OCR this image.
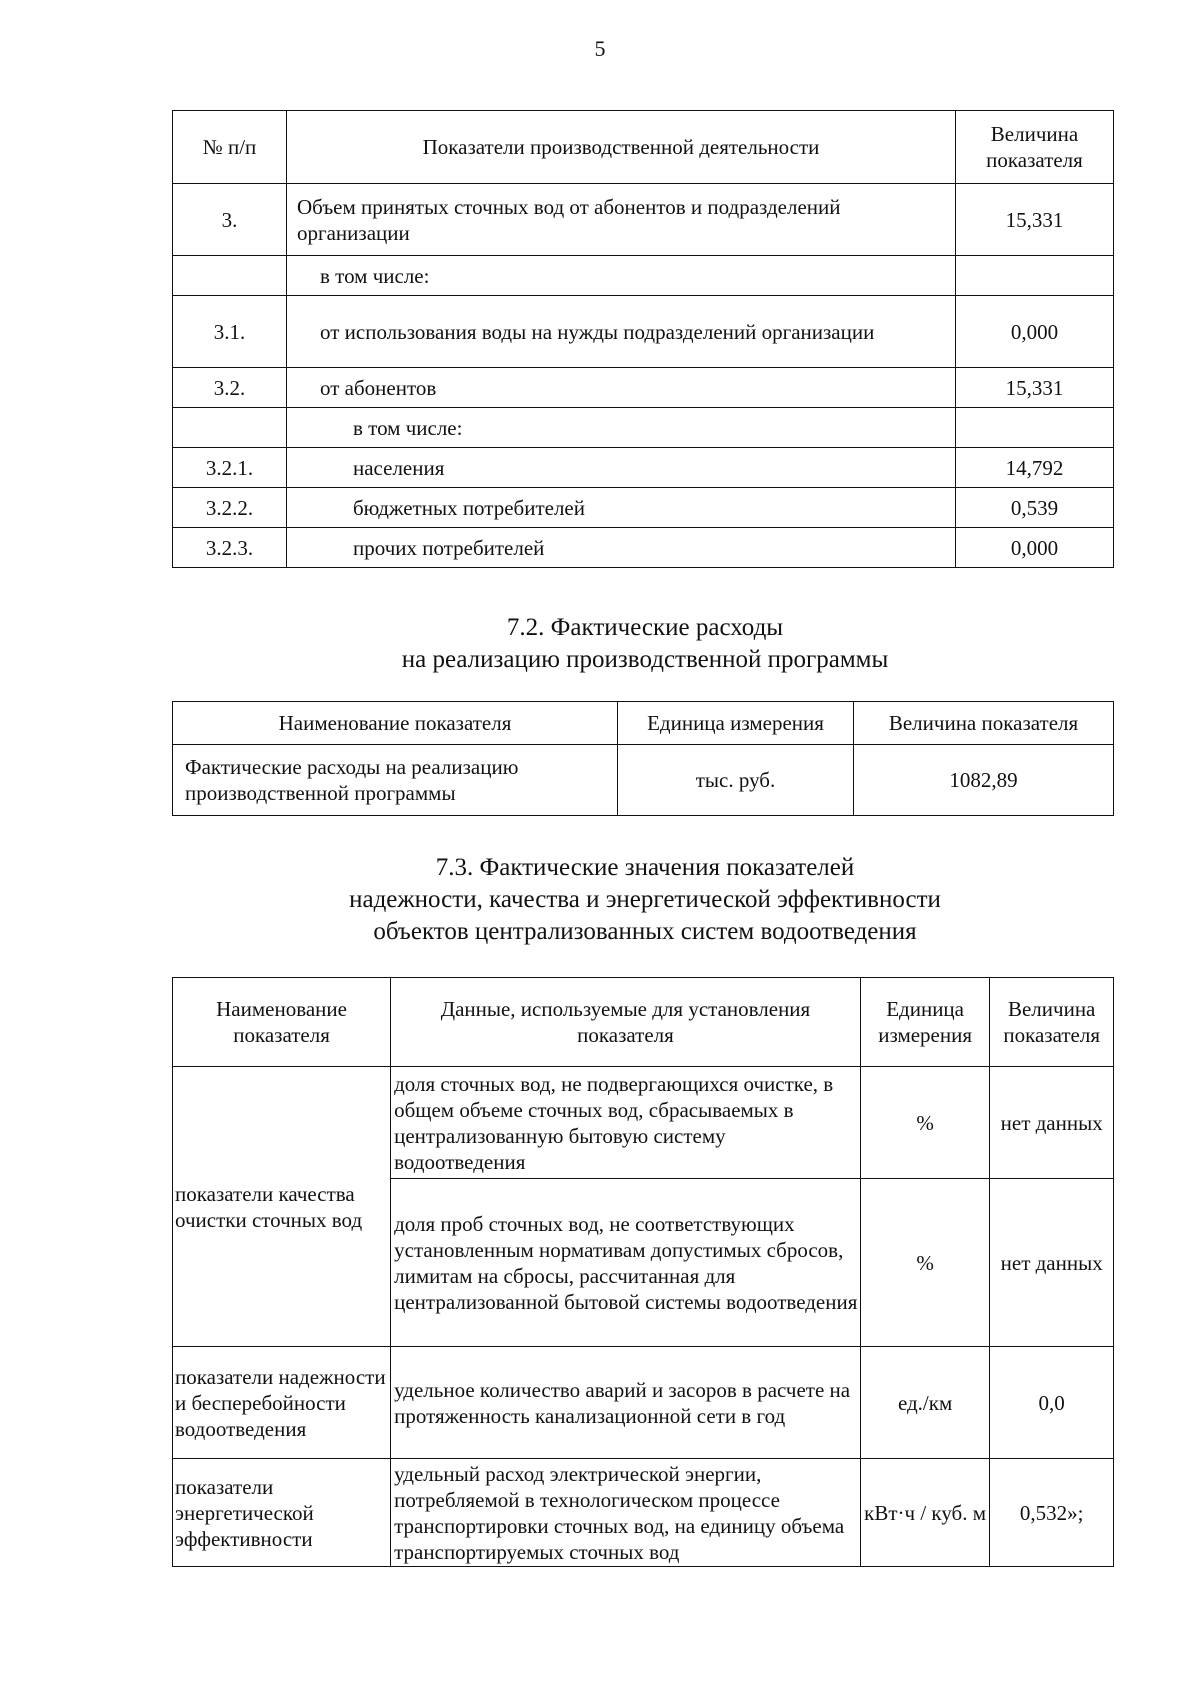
5
№ п/п	Показатели производственной деятельности	Величина показателя
3.	Объем принятых сточных вод от абонентов и подразделений организации	15,331
	в том числе:	
3.1.	от использования воды на нужды подразделений организации	0,000
3.2.	от абонентов	15,331
	в том числе:	
3.2.1.	населения	14,792
3.2.2.	бюджетных потребителей	0,539
3.2.3.	прочих потребителей	0,000
7.2. Фактические расходы
на реализацию производственной программы
Наименование показателя	Единица измерения	Величина показателя
Фактические расходы на реализацию производственной программы	тыс. руб.	1082,89
7.3. Фактические значения показателей
надежности, качества и энергетической эффективности
объектов централизованных систем водоотведения
Наименование показателя	Данные, используемые для установления показателя	Единица измерения	Величина показателя
показатели качества очистки сточных вод	доля сточных вод, не подвергающихся очистке, в общем объеме сточных вод, сбрасываемых в централизованную бытовую систему водоотведения	%	нет данных
	доля проб сточных вод, не соответствующих установленным нормативам допустимых сбросов, лимитам на сбросы, рассчитанная для централизованной бытовой системы водоотведения	%	нет данных
показатели надежности и бесперебойности водоотведения	удельное количество аварий и засоров в расчете на протяженность канализационной сети в год	ед./км	0,0
показатели энергетической эффективности	удельный расход электрической энергии, потребляемой в технологическом процессе транспортировки сточных вод, на единицу объема транспортируемых сточных вод	кВт·ч / куб. м	0,532»;
